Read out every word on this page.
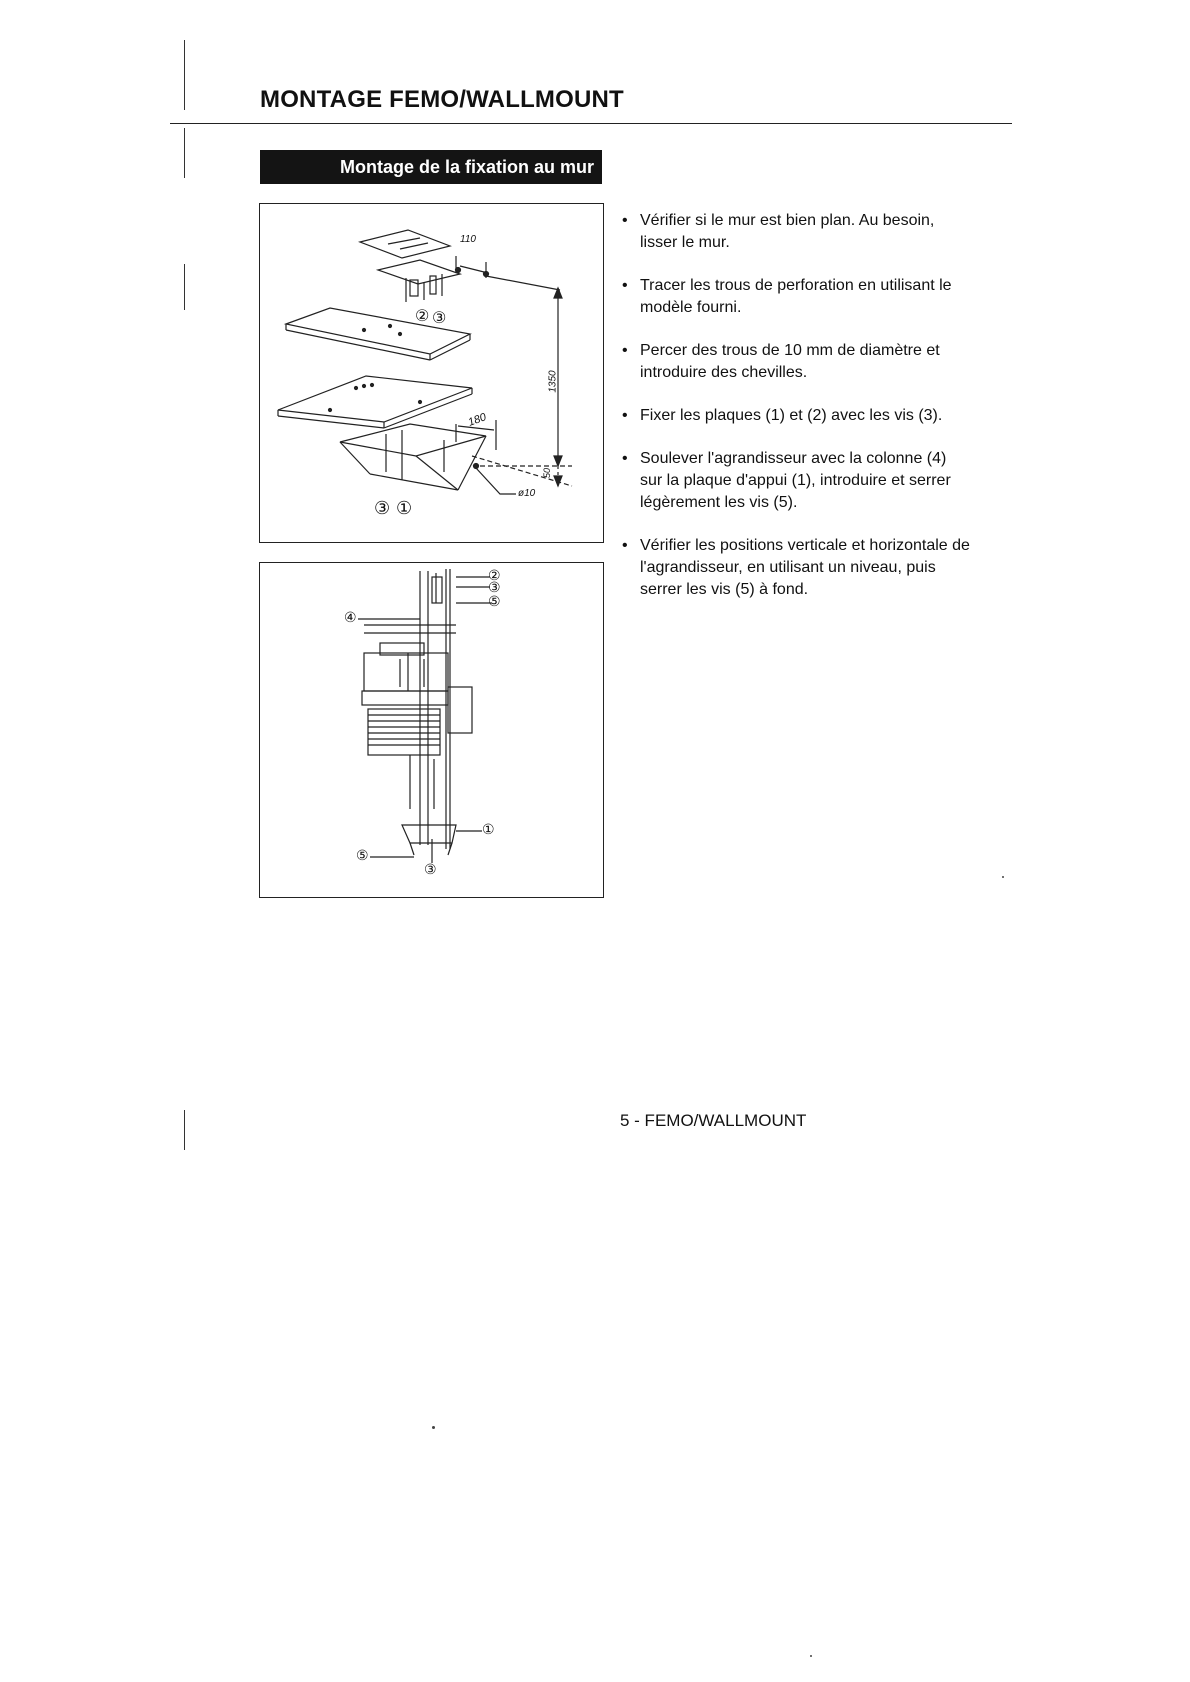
MONTAGE FEMO/WALLMOUNT
Montage de la fixation au mur
110
1350
180
50
ø10
② ③
③ ①
②
③
⑤
④
①
⑤
③
• Vérifier si le mur est bien plan. Au besoin, lisser le mur.
• Tracer les trous de perforation en utilisant le modèle fourni.
• Percer des trous de 10 mm de diamètre et introduire des chevilles.
• Fixer les plaques (1) et (2) avec les vis (3).
• Soulever l'agrandisseur avec la colonne (4) sur la plaque d'appui (1), introduire et serrer légèrement les vis (5).
• Vérifier les positions verticale et horizontale de l'agrandisseur, en utilisant un niveau, puis serrer les vis (5) à fond.
5 - FEMO/WALLMOUNT
